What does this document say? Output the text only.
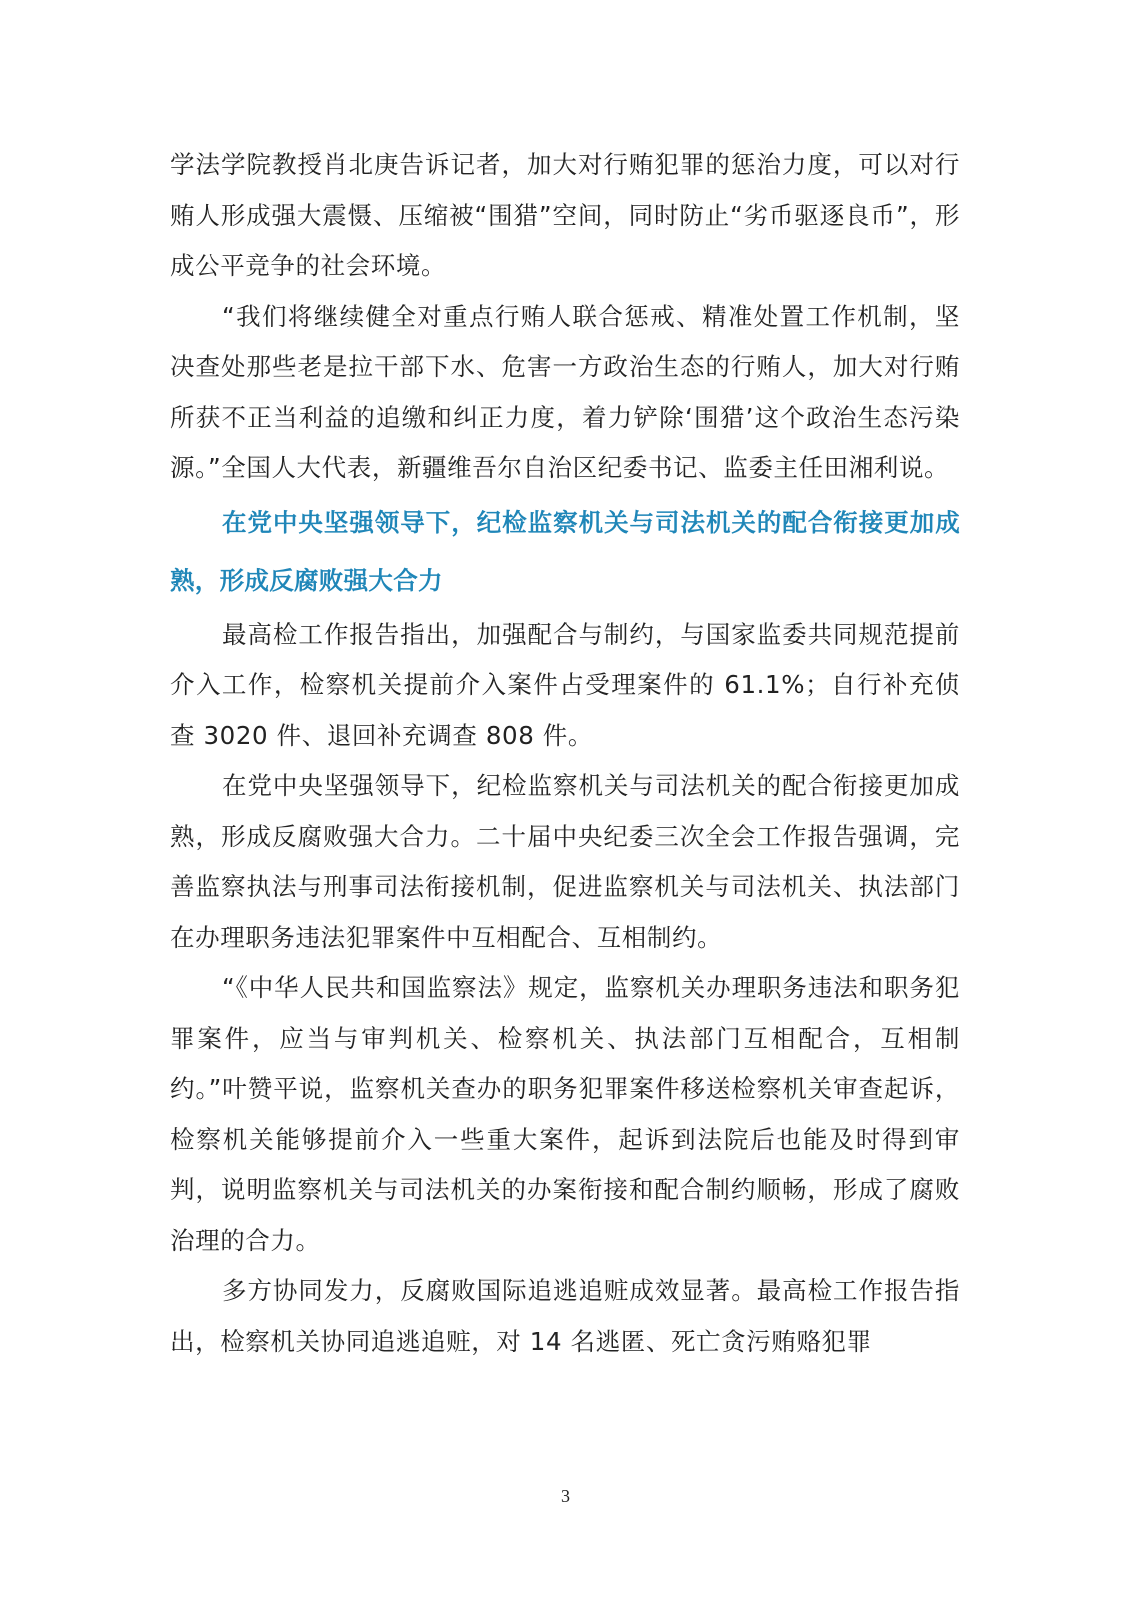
学法学院教授肖北庚告诉记者，加大对行贿犯罪的惩治力度，可以对行贿人形成强大震慑、压缩被“围猎”空间，同时防止“劣币驱逐良币”，形成公平竞争的社会环境。

“我们将继续健全对重点行贿人联合惩戒、精准处置工作机制，坚决查处那些老是拉干部下水、危害一方政治生态的行贿人，加大对行贿所获不正当利益的追缴和纠正力度，着力铲除‘围猎’这个政治生态污染源。”全国人大代表，新疆维吾尔自治区纪委书记、监委主任田湘利说。

在党中央坚强领导下，纪检监察机关与司法机关的配合衔接更加成熟，形成反腐败强大合力

最高检工作报告指出，加强配合与制约，与国家监委共同规范提前介入工作，检察机关提前介入案件占受理案件的 61.1%；自行补充侦查 3020 件、退回补充调查 808 件。

在党中央坚强领导下，纪检监察机关与司法机关的配合衔接更加成熟，形成反腐败强大合力。二十届中央纪委三次全会工作报告强调，完善监察执法与刑事司法衔接机制，促进监察机关与司法机关、执法部门在办理职务违法犯罪案件中互相配合、互相制约。

“《中华人民共和国监察法》规定，监察机关办理职务违法和职务犯罪案件，应当与审判机关、检察机关、执法部门互相配合，互相制约。”叶赞平说，监察机关查办的职务犯罪案件移送检察机关审查起诉，检察机关能够提前介入一些重大案件，起诉到法院后也能及时得到审判，说明监察机关与司法机关的办案衔接和配合制约顺畅，形成了腐败治理的合力。

多方协同发力，反腐败国际追逃追赃成效显著。最高检工作报告指出，检察机关协同追逃追赃，对 14 名逃匿、死亡贪污贿赂犯罪

3
